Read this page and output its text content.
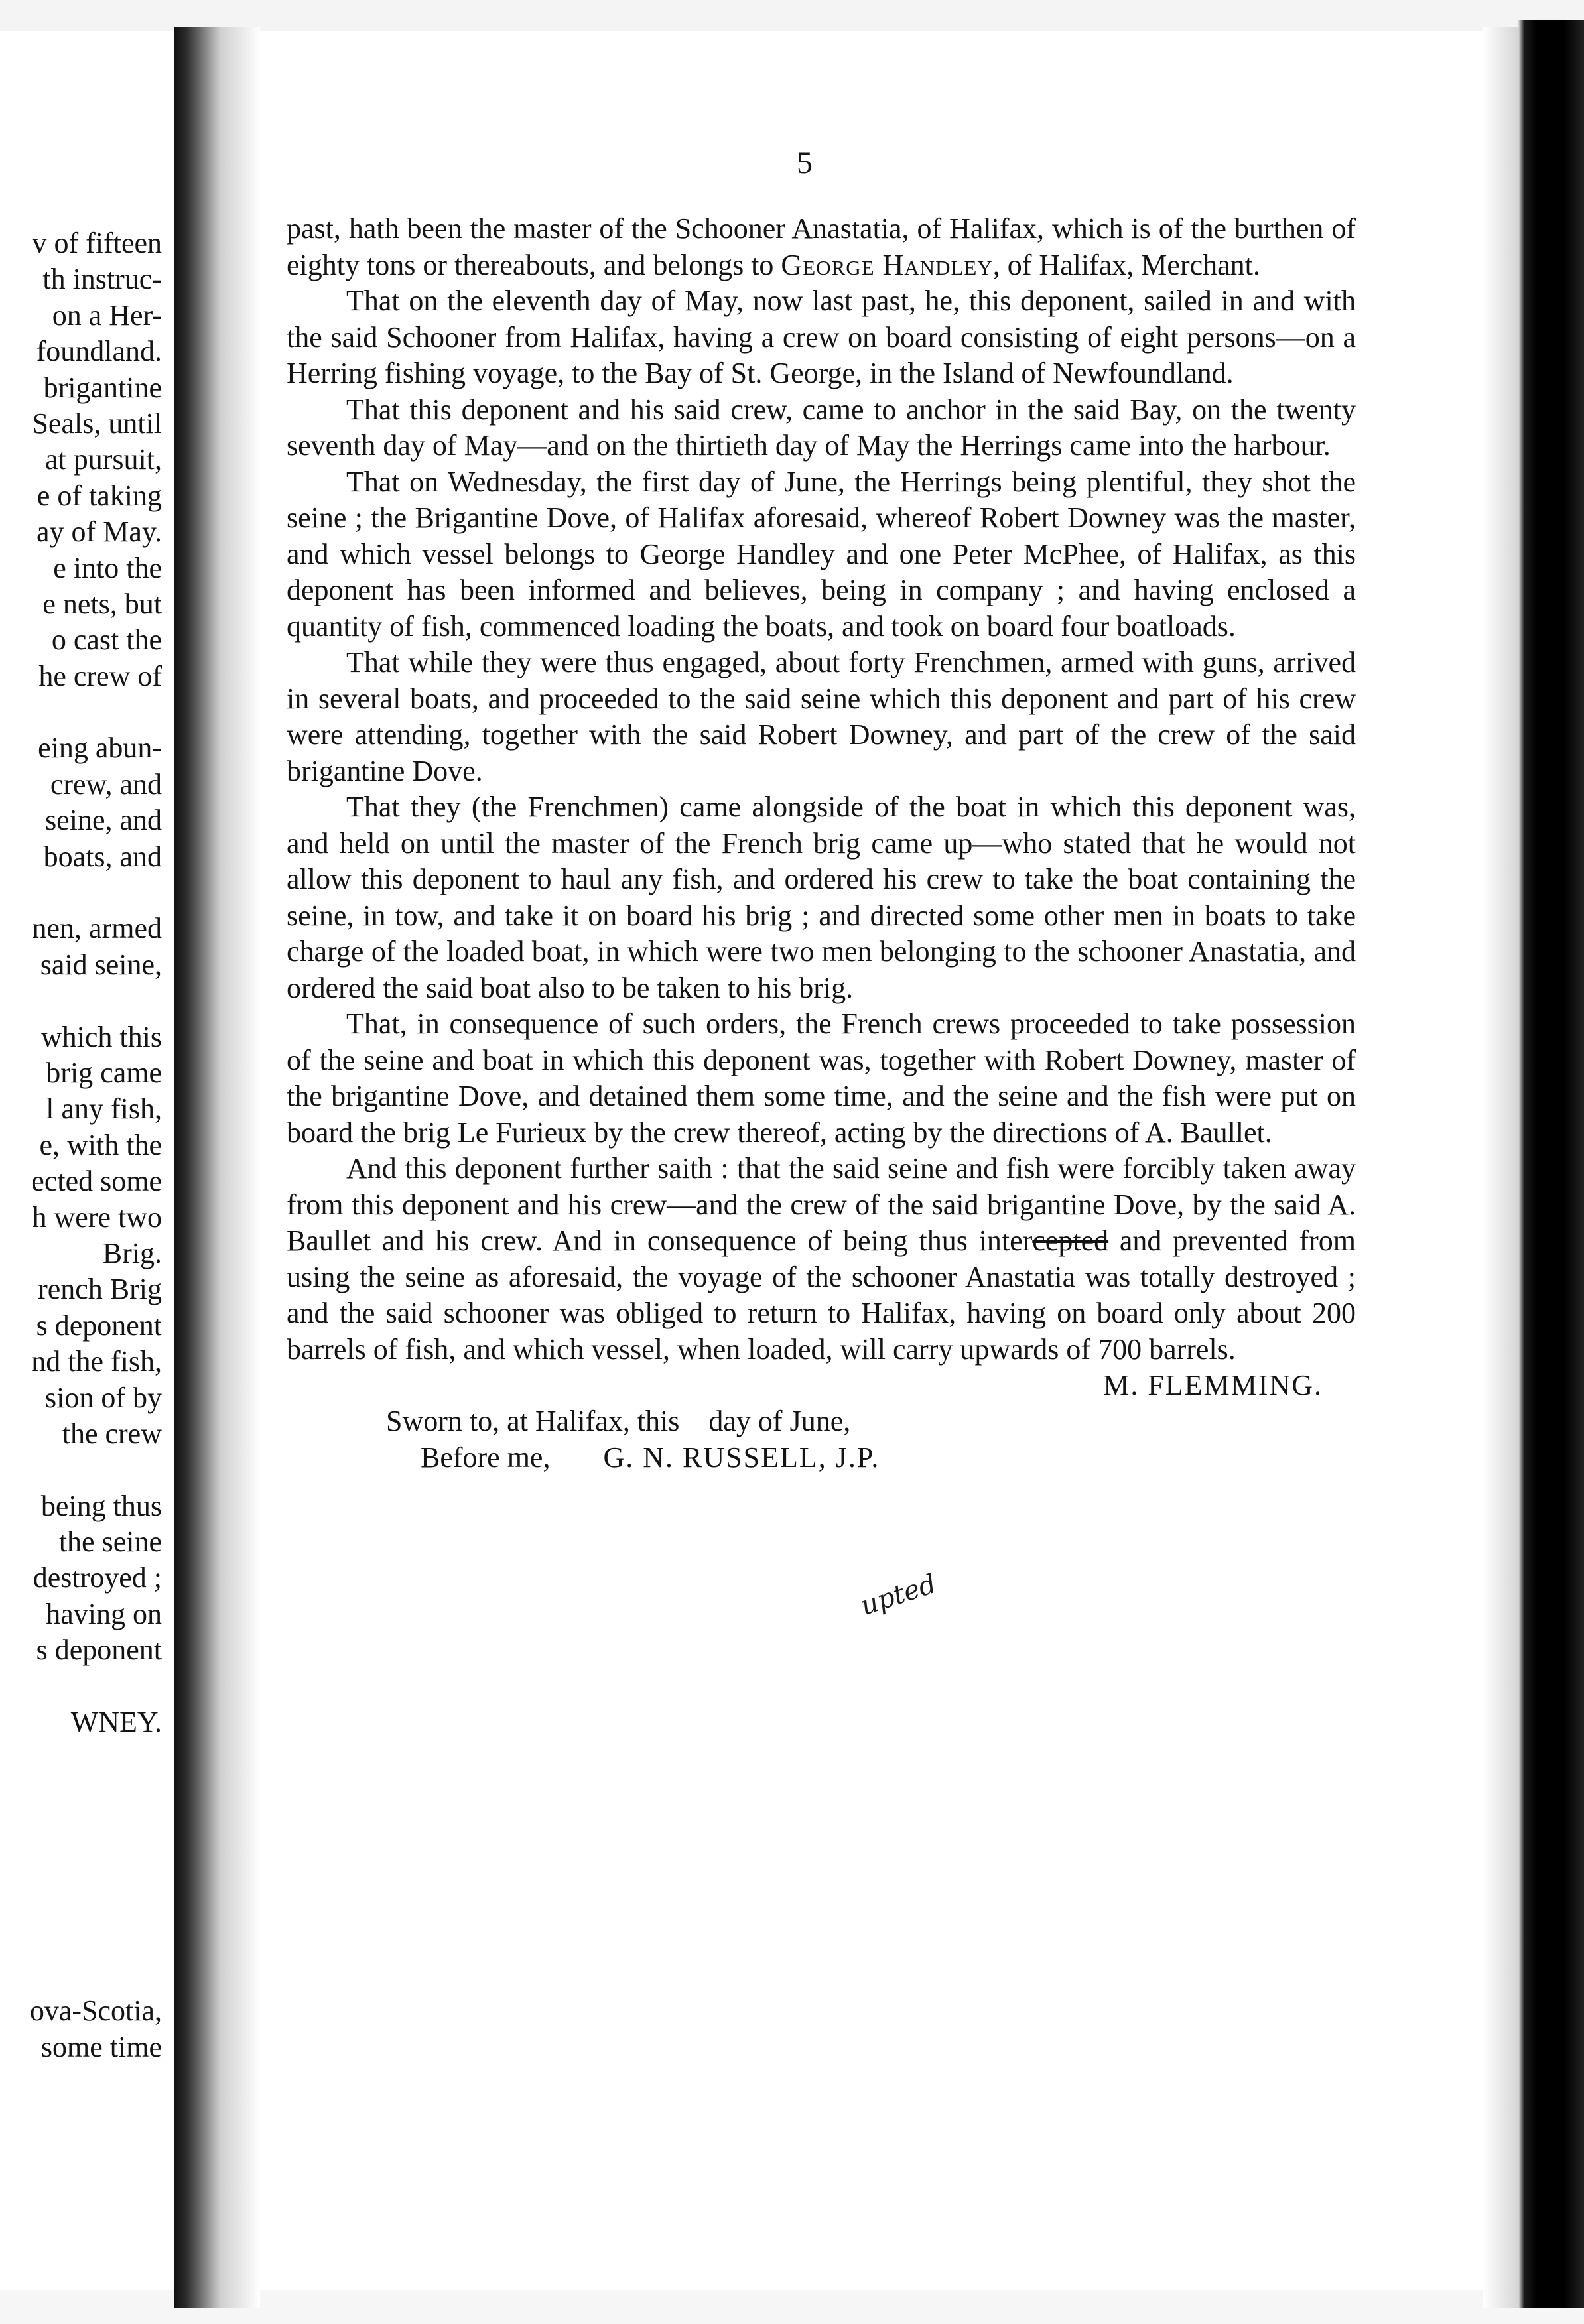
v of fifteen
th instruc-
on a Her-
foundland.
brigantine
Seals, until
at pursuit,
e of taking
ay of May.
e into the
e nets, but
o cast the
he crew of
eing abun-
crew, and
seine, and
boats, and
nen, armed
said seine,
which this
brig came
l any fish,
e, with the
ected some
h were two
Brig.
rench Brig
s deponent
nd the fish,
sion of by
the crew
being thus
the seine
destroyed ;
having on
s deponent
WNEY.
ova-Scotia,
some time
5

past, hath been the master of the Schooner Anastatia, of Halifax, which is of the burthen of eighty tons or thereabouts, and belongs to George Handley, of Halifax, Merchant.

That on the eleventh day of May, now last past, he, this deponent, sailed in and with the said Schooner from Halifax, having a crew on board consisting of eight persons—on a Herring fishing voyage, to the Bay of St. George, in the Island of Newfoundland.

That this deponent and his said crew, came to anchor in the said Bay, on the twenty seventh day of May—and on the thirtieth day of May the Herrings came into the harbour.

That on Wednesday, the first day of June, the Herrings being plentiful, they shot the seine ; the Brigantine Dove, of Halifax aforesaid, whereof Robert Downey was the master, and which vessel belongs to George Handley and one Peter McPhee, of Halifax, as this deponent has been informed and believes, being in company ; and having enclosed a quantity of fish, commenced loading the boats, and took on board four boatloads.

That while they were thus engaged, about forty Frenchmen, armed with guns, arrived in several boats, and proceeded to the said seine which this deponent and part of his crew were attending, together with the said Robert Downey, and part of the crew of the said brigantine Dove.

That they (the Frenchmen) came alongside of the boat in which this deponent was, and held on until the master of the French brig came up—who stated that he would not allow this deponent to haul any fish, and ordered his crew to take the boat containing the seine, in tow, and take it on board his brig ; and directed some other men in boats to take charge of the loaded boat, in which were two men belonging to the schooner Anastatia, and ordered the said boat also to be taken to his brig.

That, in consequence of such orders, the French crews proceeded to take possession of the seine and boat in which this deponent was, together with Robert Downey, master of the brigantine Dove, and detained them some time, and the seine and the fish were put on board the brig Le Furieux by the crew thereof, acting by the directions of A. Baullet.

And this deponent further saith : that the said seine and fish were forcibly taken away from this deponent and his crew—and the crew of the said brigantine Dove, by the said A. Baullet and his crew. And in consequence of being thus intercepted and prevented from using the seine as aforesaid, the voyage of the schooner Anastatia was totally destroyed ; and the said schooner was obliged to return to Halifax, having on board only about 200 barrels of fish, and which vessel, when loaded, will carry upwards of 700 barrels.

M. FLEMMING.

Sworn to, at Halifax, this day of June,

Before me, G. N. RUSSELL, J.P.

upted
